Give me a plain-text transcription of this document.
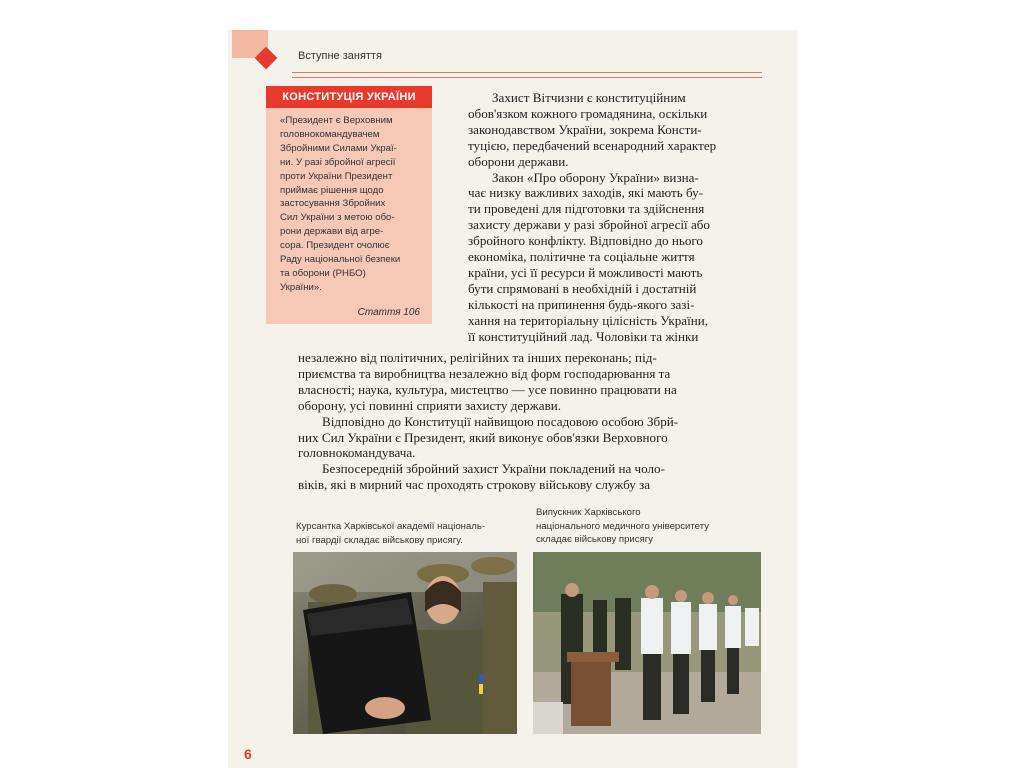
Вступне заняття
КОНСТИТУЦІЯ УКРАЇНИ
«Президент є Верховним
головнокомандувачем
Збройними Силами Украї-
ни. У разі збройної агресії
проти України Президент
приймає рішення щодо
застосування Збройних
Сил України з метою обо-
рони держави від агре-
сора. Президент очолює
Раду національної безпеки
та оборони (РНБО)
України».
Стаття 106
Захист Вітчизни є конституційним
обов'язком кожного громадянина, оскільки
законодавством України, зокрема Консти-
туцією, передбачений всенародний характер
оборони держави.
Закон «Про оборону України» визна-
чає низку важливих заходів, які мають бу-
ти проведені для підготовки та здійснення
захисту держави у разі збройної агресії або
збройного конфлікту. Відповідно до нього
економіка, політичне та соціальне життя
країни, усі її ресурси й можливості мають
бути спрямовані в необхідній і достатній
кількості на припинення будь-якого зазі-
хання на територіальну цілісність України,
її конституційний лад. Чоловіки та жінки
незалежно від політичних, релігійних та інших переконань; під-
приємства та виробництва незалежно від форм господарювання та
власності; наука, культура, мистецтво — усе повинно працювати на
оборону, усі повинні сприяти захисту держави.
Відповідно до Конституції найвищою посадовою особою Збрй-
них Сил України є Президент, який виконує обов'язки Верховного
головнокомандувача.
Безпосередній збройний захист України покладений на чоло-
віків, які в мирний час проходять строкову військову службу за
Курсантка Харківської академії національ-
ної гвардії складає військову присягу.
Випускник Харківського
національного медичного університету
складає військову присягу
6
